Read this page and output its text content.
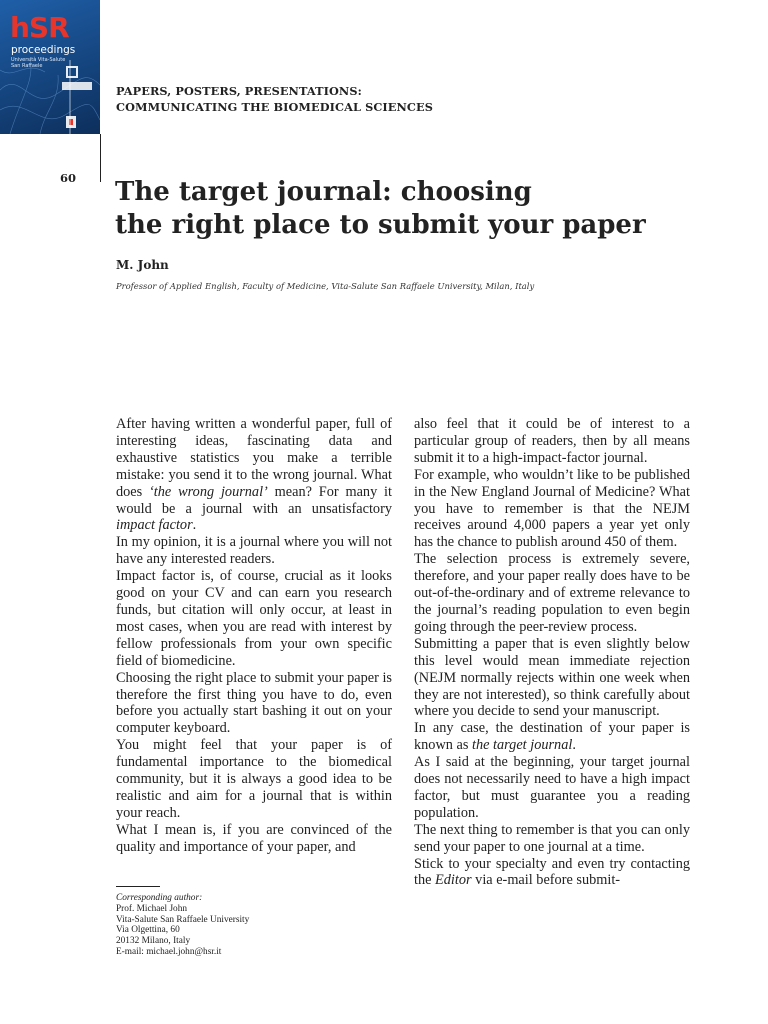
hSR
proceedings
Università Vita-Salute San Raffaele
PAPERS, POSTERS, PRESENTATIONS:
COMMUNICATING THE BIOMEDICAL SCIENCES
60 The target journal: choosing
the right place to submit your paper
M. John
Professor of Applied English, Faculty of Medicine, Vita-Salute San Raffaele University, Milan, Italy

After having written a wonderful paper, full of interesting ideas, fascinating data and exhaustive statistics you make a terrible mistake: you send it to the wrong journal. What does ‘the wrong journal’ mean? For many it would be a journal with an unsatisfactory impact factor.

In my opinion, it is a journal where you will not have any interested readers.

Impact factor is, of course, crucial as it looks good on your CV and can earn you research funds, but citation will only occur, at least in most cases, when you are read with interest by fellow professionals from your own specific field of biomedicine.

Choosing the right place to submit your paper is therefore the first thing you have to do, even before you actually start bashing it out on your computer keyboard.

You might feel that your paper is of fundamental importance to the biomedical community, but it is always a good idea to be realistic and aim for a journal that is within your reach.

What I mean is, if you are convinced of the quality and importance of your paper, and

also feel that it could be of interest to a particular group of readers, then by all means submit it to a high-impact-factor journal.

For example, who wouldn’t like to be published in the New England Journal of Medicine? What you have to remember is that the NEJM receives around 4,000 papers a year yet only has the chance to publish around 450 of them.

The selection process is extremely severe, therefore, and your paper really does have to be out-of-the-ordinary and of extreme relevance to the journal’s reading population to even begin going through the peer-review process.

Submitting a paper that is even slightly below this level would mean immediate rejection (NEJM normally rejects within one week when they are not interested), so think carefully about where you decide to send your manuscript.

In any case, the destination of your paper is known as the target journal.

As I said at the beginning, your target journal does not necessarily need to have a high impact factor, but must guarantee you a reading population.

The next thing to remember is that you can only send your paper to one journal at a time.

Stick to your specialty and even try contacting the Editor via e-mail before submit-

Corresponding author:
Prof. Michael John
Vita-Salute San Raffaele University
Via Olgettina, 60
20132 Milano, Italy
E-mail: michael.john@hsr.it
